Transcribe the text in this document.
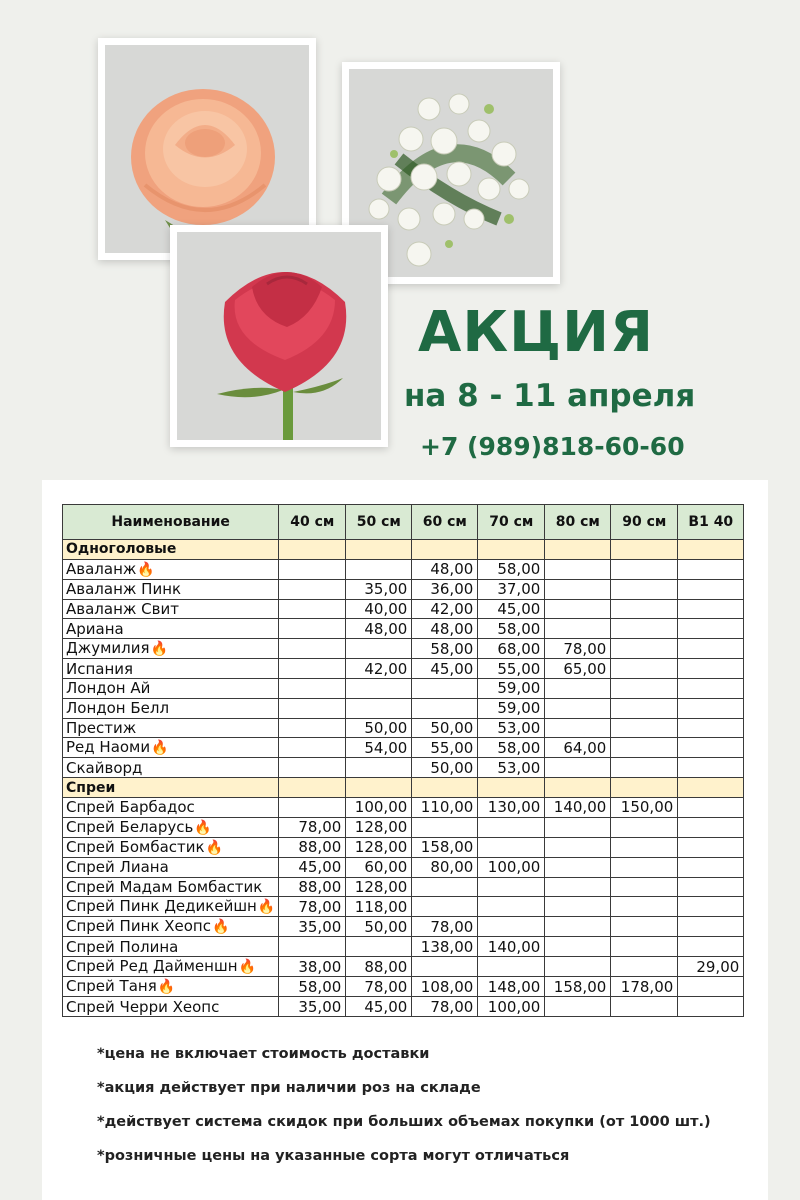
АКЦИЯ
на 8 - 11 апреля
+7 (989)818-60-60
Наименование	40 см	50 см	60 см	70 см	80 см	90 см	В1 40
Одноголовые							
Аваланж🔥			48,00	58,00			
Аваланж Пинк		35,00	36,00	37,00			
Аваланж Свит		40,00	42,00	45,00			
Ариана		48,00	48,00	58,00			
Джумилия🔥			58,00	68,00	78,00		
Испания		42,00	45,00	55,00	65,00		
Лондон Ай				59,00			
Лондон Белл				59,00			
Престиж		50,00	50,00	53,00			
Ред Наоми🔥		54,00	55,00	58,00	64,00		
Скайворд			50,00	53,00			
Спреи							
Спрей Барбадос		100,00	110,00	130,00	140,00	150,00	
Спрей Беларусь🔥	78,00	128,00					
Спрей Бомбастик🔥	88,00	128,00	158,00				
Спрей Лиана	45,00	60,00	80,00	100,00			
Спрей Мадам Бомбастик	88,00	128,00					
Спрей Пинк Дедикейшн🔥	78,00	118,00					
Спрей Пинк Хеопс🔥	35,00	50,00	78,00				
Спрей Полина			138,00	140,00			
Спрей Ред Дайменшн🔥	38,00	88,00					29,00
Спрей Таня🔥	58,00	78,00	108,00	148,00	158,00	178,00	
Спрей Черри Хеопс	35,00	45,00	78,00	100,00			
*цена не включает стоимость доставки
*акция действует при наличии роз на складе
*действует система скидок при больших объемах покупки (от 1000 шт.)
*розничные цены на указанные сорта могут отличаться
